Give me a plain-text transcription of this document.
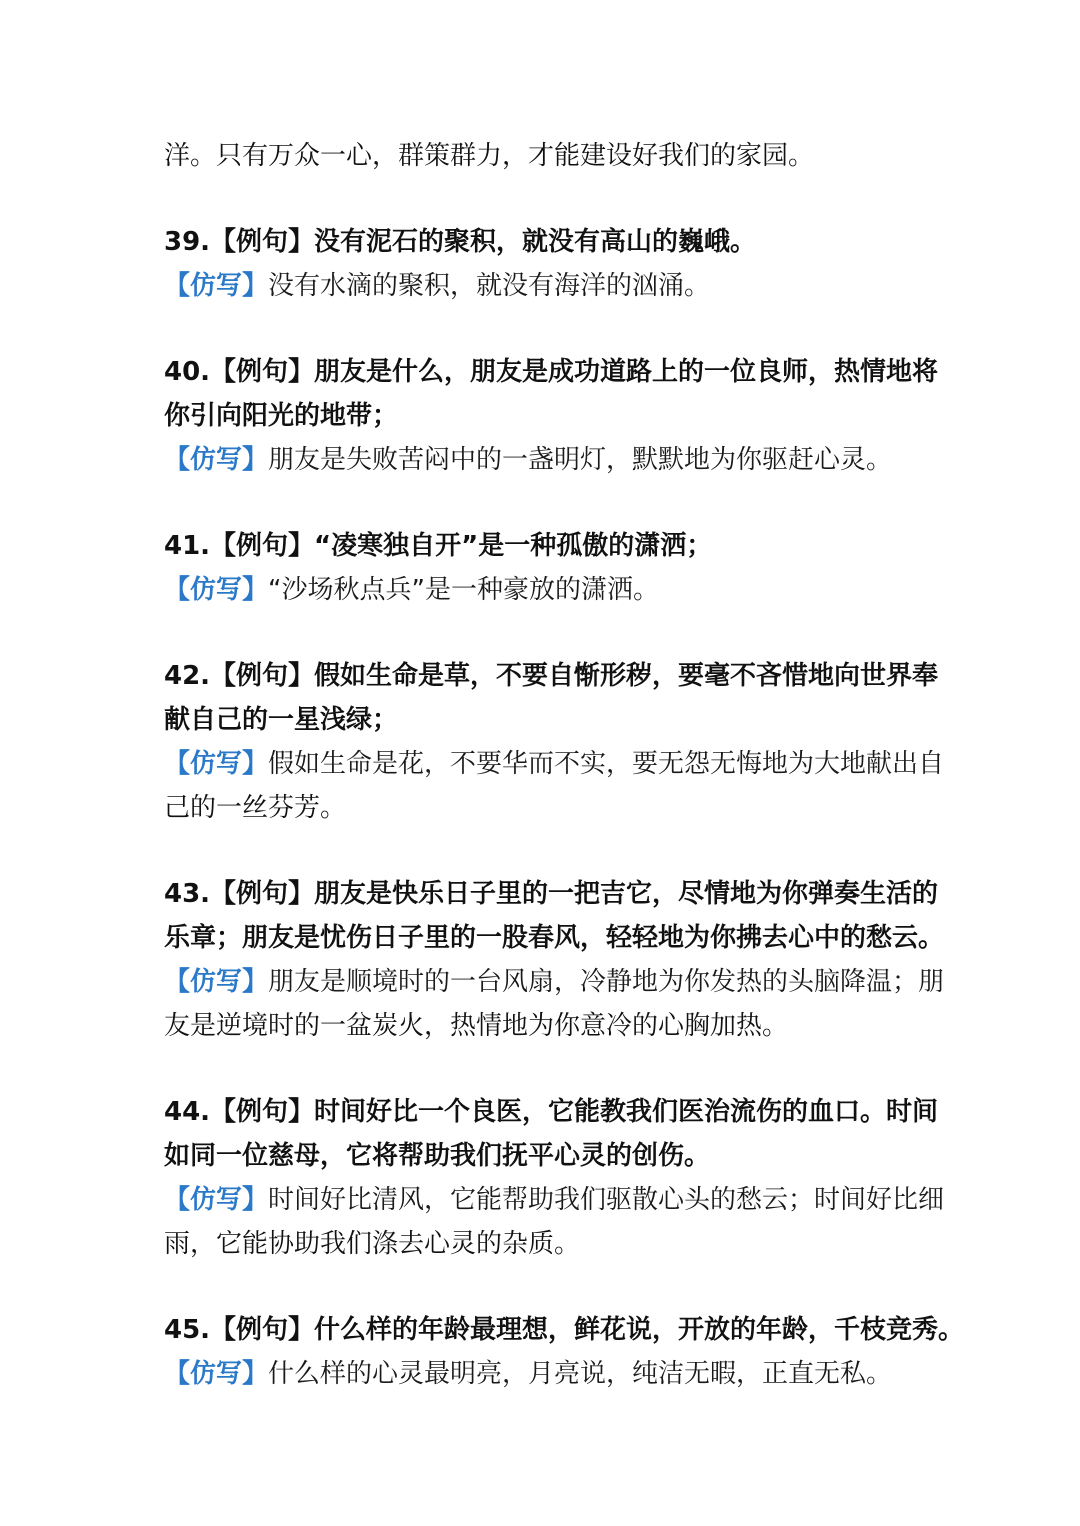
洋。只有万众一心，群策群力，才能建设好我们的家园。
39.【例句】没有泥石的聚积，就没有高山的巍峨。
【仿写】没有水滴的聚积，就没有海洋的汹涌。
40.【例句】朋友是什么，朋友是成功道路上的一位良师，热情地将
你引向阳光的地带；
【仿写】朋友是失败苦闷中的一盏明灯，默默地为你驱赶心灵。
41.【例句】“凌寒独自开”是一种孤傲的潇洒；
【仿写】“沙场秋点兵”是一种豪放的潇洒。
42.【例句】假如生命是草，不要自惭形秽，要毫不吝惜地向世界奉
献自己的一星浅绿；
【仿写】假如生命是花，不要华而不实，要无怨无悔地为大地献出自
己的一丝芬芳。
43.【例句】朋友是快乐日子里的一把吉它，尽情地为你弹奏生活的
乐章；朋友是忧伤日子里的一股春风，轻轻地为你拂去心中的愁云。
【仿写】朋友是顺境时的一台风扇，冷静地为你发热的头脑降温；朋
友是逆境时的一盆炭火，热情地为你意冷的心胸加热。
44.【例句】时间好比一个良医，它能教我们医治流伤的血口。时间
如同一位慈母，它将帮助我们抚平心灵的创伤。
【仿写】时间好比清风，它能帮助我们驱散心头的愁云；时间好比细
雨，它能协助我们涤去心灵的杂质。
45.【例句】什么样的年龄最理想，鲜花说，开放的年龄，千枝竞秀。
【仿写】什么样的心灵最明亮，月亮说，纯洁无暇，正直无私。
